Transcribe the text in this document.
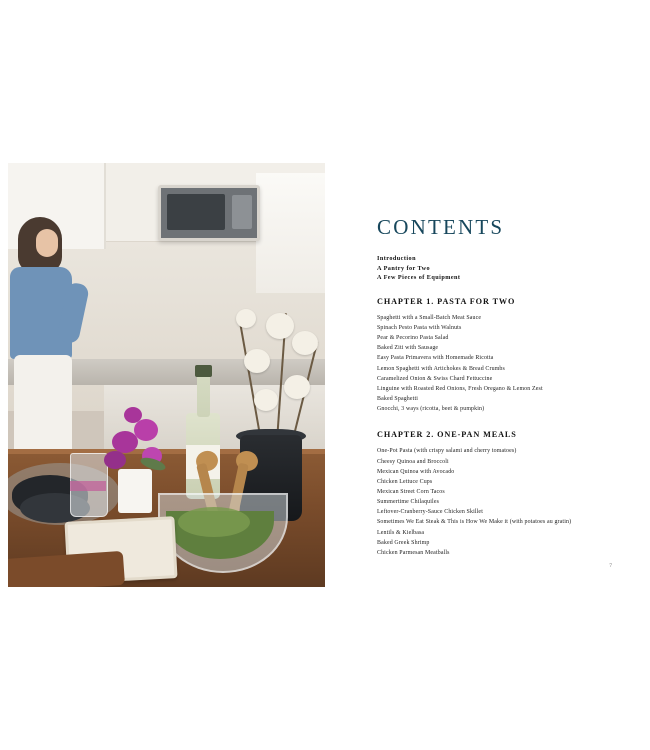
CONTENTS
Introduction
A Pantry for Two
A Few Pieces of Equipment
CHAPTER 1. PASTA FOR TWO
Spaghetti with a Small-Batch Meat Sauce
Spinach Pesto Pasta with Walnuts
Pear & Pecorino Pasta Salad
Baked Ziti with Sausage
Easy Pasta Primavera with Homemade Ricotta
Lemon Spaghetti with Artichokes & Bread Crumbs
Caramelized Onion & Swiss Chard Fettuccine
Linguine with Roasted Red Onions, Fresh Oregano & Lemon Zest
Baked Spaghetti
Gnocchi, 3 ways (ricotta, beet & pumpkin)
CHAPTER 2. ONE-PAN MEALS
One-Pot Pasta (with crispy salami and cherry tomatoes)
Cheesy Quinoa and Broccoli
Mexican Quinoa with Avocado
Chicken Lettuce Cups
Mexican Street Corn Tacos
Summertime Chilaquiles
Leftover-Cranberry-Sauce Chicken Skillet
Sometimes We Eat Steak & This is How We Make it (with potatoes au gratin)
Lentils & Kielbasa
Baked Greek Shrimp
Chicken Parmesan Meatballs
7
